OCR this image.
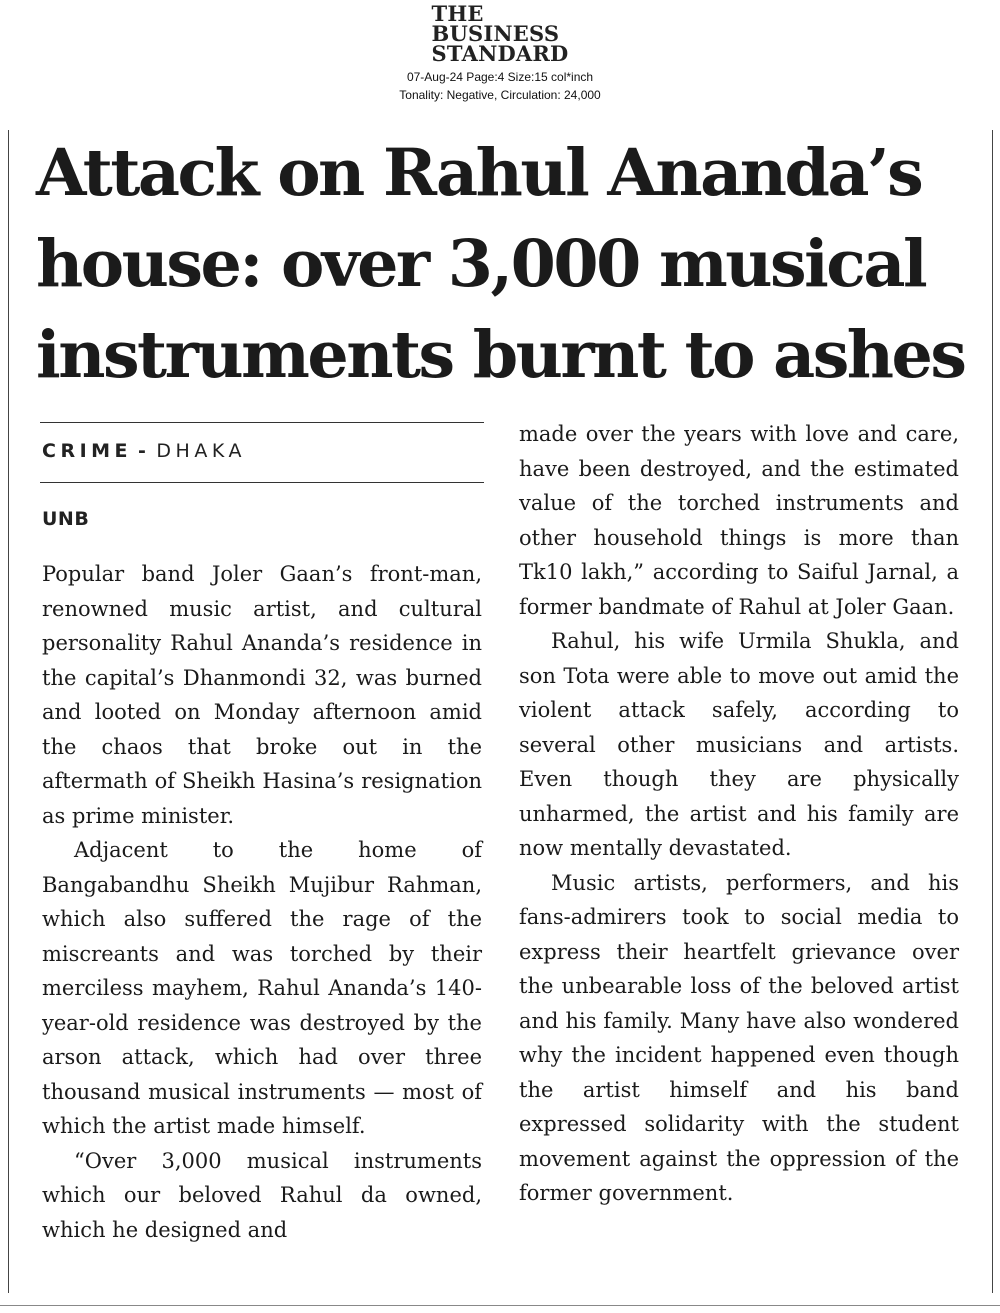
THE
BUSINESS
STANDARD
07-Aug-24 Page:4 Size:15 col*inch
Tonality: Negative, Circulation: 24,000
Attack on Rahul Ananda’s house: over 3,000 musical instruments burnt to ashes
CRIME - DHAKA
UNB

Popular band Joler Gaan’s front-man, renowned music artist, and cultural personality Rahul Ananda’s residence in the capital’s Dhanmondi 32, was burned and looted on Monday afternoon amid the chaos that broke out in the aftermath of Sheikh Hasina’s resignation as prime minister.

Adjacent to the home of Bangabandhu Sheikh Mujibur Rahman, which also suffered the rage of the miscreants and was torched by their merciless mayhem, Rahul Ananda’s 140-year-old residence was destroyed by the arson attack, which had over three thousand musical instruments — most of which the artist made himself.

“Over 3,000 musical instruments which our beloved Rahul da owned, which he designed and

made over the years with love and care, have been destroyed, and the estimated value of the torched instruments and other household things is more than Tk10 lakh,” according to Saiful Jarnal, a former bandmate of Rahul at Joler Gaan.

Rahul, his wife Urmila Shukla, and son Tota were able to move out amid the violent attack safely, according to several other musicians and artists. Even though they are physically unharmed, the artist and his family are now mentally devastated.

Music artists, performers, and his fans-admirers took to social media to express their heartfelt grievance over the unbearable loss of the beloved artist and his family. Many have also wondered why the incident happened even though the artist himself and his band expressed solidarity with the student movement against the oppression of the former government.
